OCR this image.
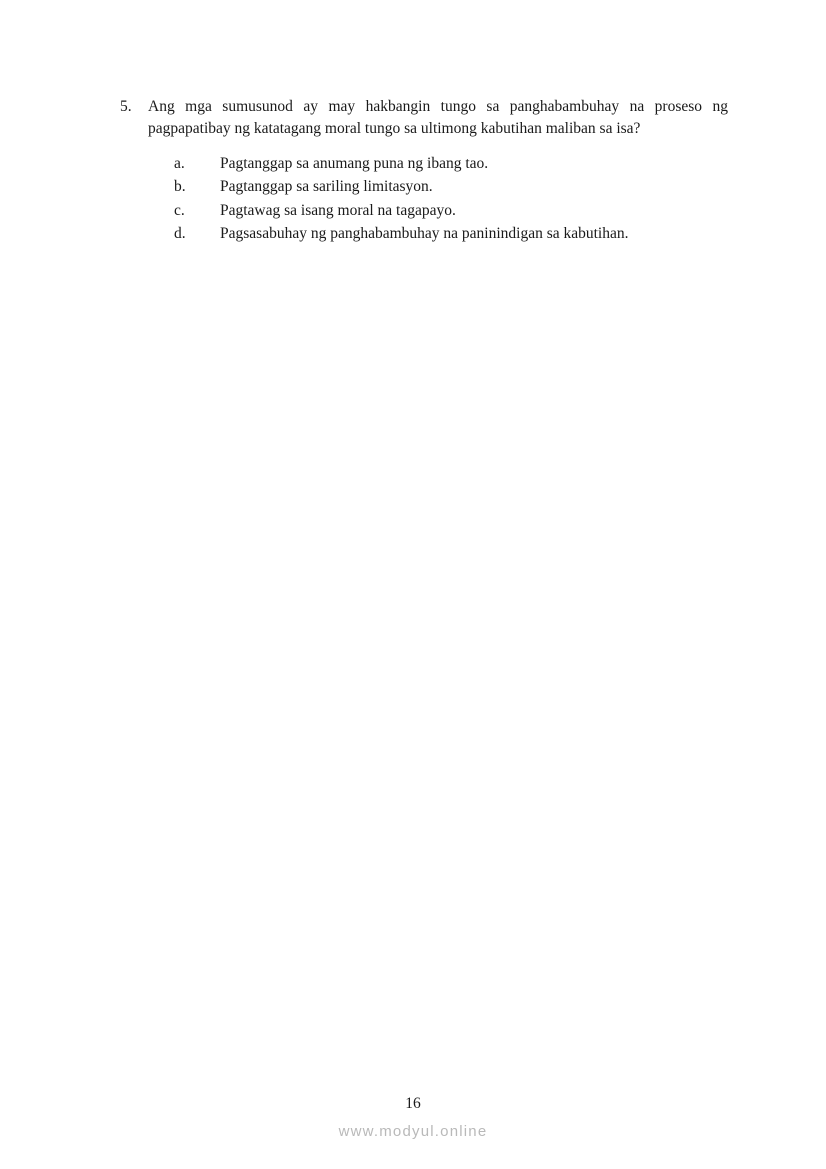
5.	Ang mga sumusunod ay may hakbangin tungo sa panghabambuhay na proseso ng pagpapatibay ng katatagang moral tungo sa ultimong kabutihan maliban sa isa?
a.	Pagtanggap sa anumang puna ng ibang tao.
b.	Pagtanggap sa sariling limitasyon.
c.	Pagtawag sa isang moral na tagapayo.
d.	Pagsasabuhay ng panghabambuhay na paninindigan sa kabutihan.
16
www.modyul.online
